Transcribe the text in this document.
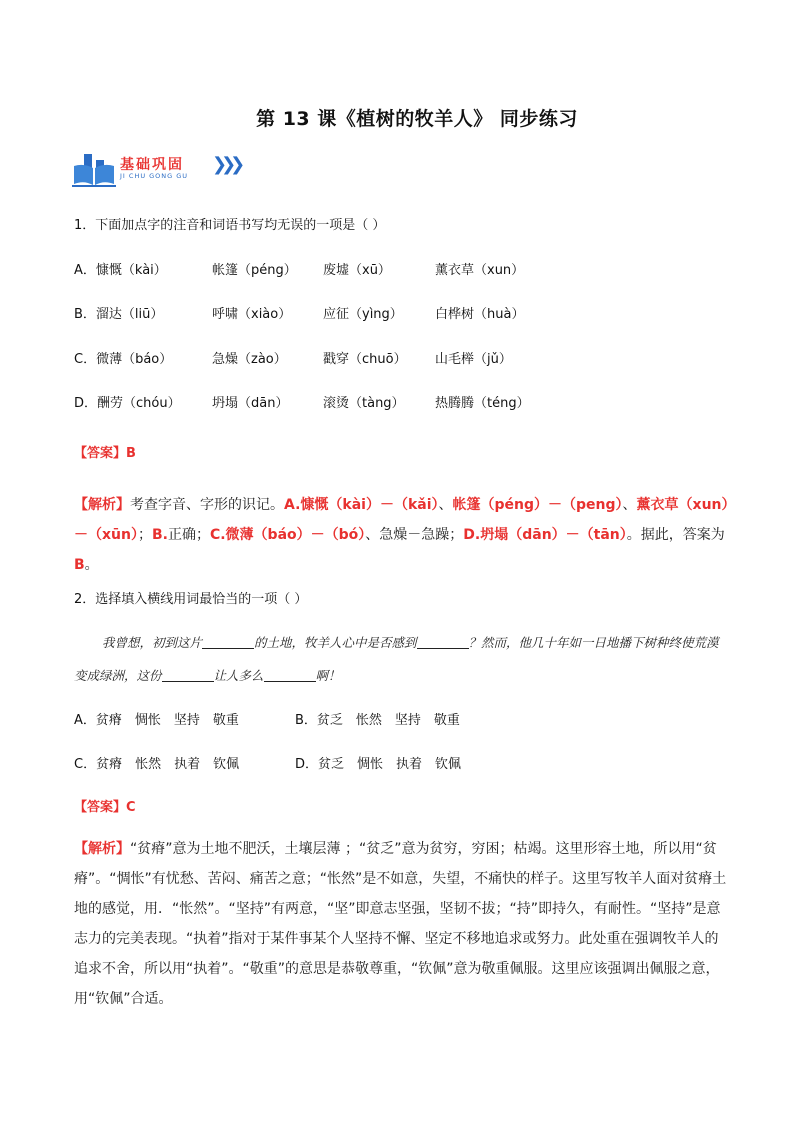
第 13 课《植树的牧羊人》 同步练习
基础巩固
JI CHU GONG GU
❯❯❯
1．下面加点字的注音和词语书写均无误的一项是（ ）
A．慷慨（kài）	帐篷（péng） 废墟（xū）	薰衣草（xun）
B．溜达（liū）	呼啸（xiào） 应征（yìng） 白桦树（huà）
C．微薄（báo）	急燥（zào）	戳穿（chuō） 山毛榉（jǔ）
D．酬劳（chóu） 坍塌（dān）	滚烫（tàng） 热腾腾（téng）
【答案】B
【解析】考查字音、字形的识记。A.慷慨（kài）－（kǎi）、帐篷（péng）－（peng）、薰衣草（xun）－（xūn）；B.正确；C.微薄（báo）－（bó）、急燥－急躁；D.坍塌（dān）－（tān）。据此，答案为B。
2．选择填入横线用词最恰当的一项（ ）
我曾想，初到这片	的土地，牧羊人心中是否感到	？然而，他几十年如一日地播下树种终使荒漠变成绿洲，这份	让人多么	啊！
A．贫瘠　惆怅　坚持　敬重	B．贫乏　怅然　坚持　敬重
C．贫瘠　怅然　执着　钦佩	D．贫乏　惆怅　执着　钦佩
【答案】C
【解析】“贫瘠”意为土地不肥沃，土壤层薄 ；“贫乏”意为贫穷，穷困；枯竭。这里形容土地，所以用“贫瘠”。“惆怅”有忧愁、苦闷、痛苦之意；“怅然”是不如意，失望，不痛快的样子。这里写牧羊人面对贫瘠土地的感觉，用．“怅然”。“坚持”有两意，“坚”即意志坚强，坚韧不拔；“持”即持久，有耐性。“坚持”是意志力的完美表现。“执着”指对于某件事某个人坚持不懈、坚定不移地追求或努力。此处重在强调牧羊人的追求不舍，所以用“执着”。“敬重”的意思是恭敬尊重，“钦佩”意为敬重佩服。这里应该强调出佩服之意，用“钦佩”合适。
